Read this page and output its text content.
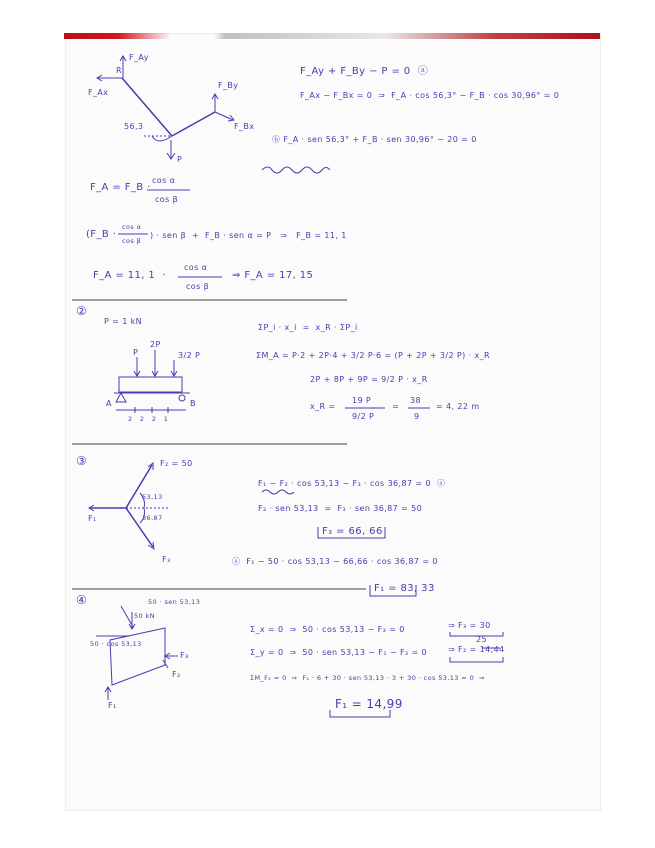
F_Ay
R
F_Ax
F_By
F_Bx
56,3
P
F_Ay + F_By − P = 0  ⓐ
F_Ax − F_Bx = 0  ⇒  F_A · cos 56,3° − F_B · cos 30,96° = 0
ⓑ F_A · sen 56,3° + F_B · sen 30,96° − 20 = 0
F_A = F_B ·
cos α
cos β
(F_B ·
cos α
cos β
) · sen β  +  F_B · sen α = P   ⇒   F_B = 11, 1
F_A = 11, 1  ·
cos α
cos β
⇒ F_A = 17, 15
②
P = 1 kN
P
2P
3/2 P
A	B
2   2   2   1
ΣP_i · x_i  =  x_R · ΣP_i
ΣM_A = P·2 + 2P·4 + 3/2 P·6 = (P + 2P + 3/2 P) · x_R
2P + 8P + 9P = 9/2 P · x_R
x_R =
19 P
9/2 P
=
38
9
= 4, 22 m
③	F₂ = 50
53,13
36,87
F₁
F₃
F₁ − F₂ · cos 53,13 − F₃ · cos 36,87 = 0  ⓐ
F₂ · sen 53,13  =  F₃ · sen 36,87 = 50
F₃ = 66, 66
ⓐ  F₁ − 50 · cos 53,13 − 66,66 · cos 36,87 = 0
F₁ = 83, 33
④	50 · sen 53,13
50 kN
50 · cos 53,13
F₃
F₂
F₁
Σ_x = 0  ⇒  50 · cos 53,13 − F₃ = 0	⇒ F₃ = 30
25
Σ_y = 0  ⇒  50 · sen 53,13 − F₁ − F₂ = 0	⇒ F₂ = 14,44
ΣM_F₂ = 0  ⇒  F₁ · 6 + 30 · sen 53,13 · 3 + 30 · cos 53,13 = 0  ⇒
F₁ = 14,99
